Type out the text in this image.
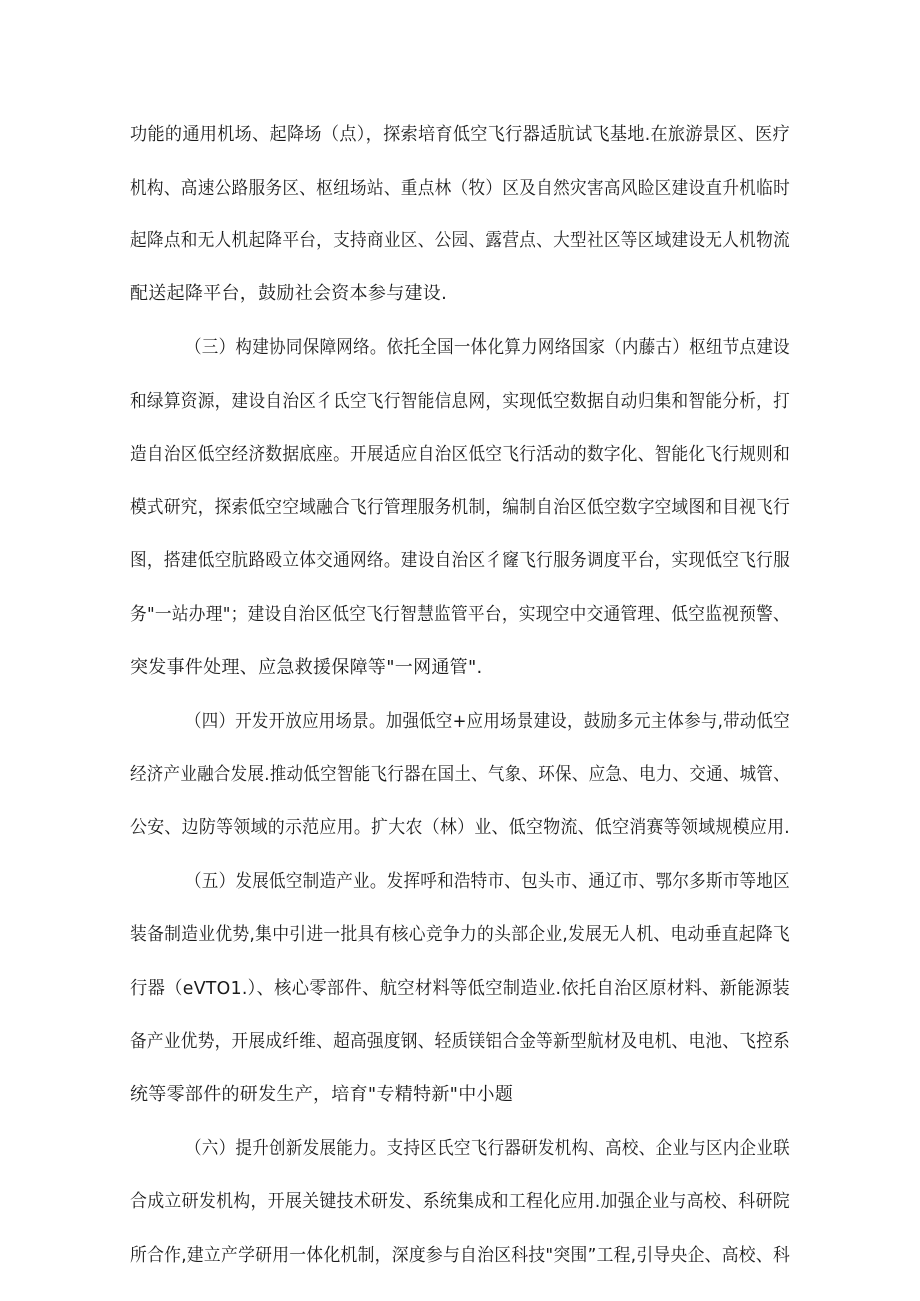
功能的通用机场、起降场（点），探索培育低空飞行器适肮试飞基地.在旅游景区、医疗
机构、高速公路服务区、枢纽场站、重点林（牧）区及自然灾害高风睑区建设直升机临时
起降点和无人机起降平台，支持商业区、公园、露营点、大型社区等区域建设无人机物流
配送起降平台，鼓励社会资本参与建设.
（三）构建协同保障网络。依托全国一体化算力网络国家（内藤古）枢纽节点建设
和绿算资源，建设自治区彳氐空飞行智能信息网，实现低空数据自动归集和智能分析，打
造自治区低空经济数据底座。开展适应自治区低空飞行活动的数字化、智能化飞行规则和
模式研究，探索低空空域融合飞行管理服务机制，编制自治区低空数字空域图和目视飞行
图，搭建低空肮路殴立体交通网络。建设自治区彳窿飞行服务调度平台，实现低空飞行服
务"一站办理"；建设自治区低空飞行智慧监管平台，实现空中交通管理、低空监视预警、
突发事件处理、应急救援保障等"一网通管".
（四）开发开放应用场景。加强低空+应用场景建设，鼓励多元主体参与,带动低空
经济产业融合发展.推动低空智能飞行器在国土、气象、环保、应急、电力、交通、城管、
公安、边防等领域的示范应用。扩大农（林）业、低空物流、低空消赛等领域规模应用.
（五）发展低空制造产业。发挥呼和浩特市、包头市、通辽市、鄂尔多斯市等地区
装备制造业优势,集中引进一批具有核心竞争力的头部企业,发展无人机、电动垂直起降飞
行器（eVTO1.）、核心零部件、航空材料等低空制造业.依托自治区原材料、新能源装
备产业优势，开展成纤维、超高强度钢、轻质镁铝合金等新型航材及电机、电池、飞控系
统等零部件的研发生产，培育"专精特新"中小题
（六）提升创新发展能力。支持区氏空飞行器研发机构、高校、企业与区内企业联
合成立研发机构，开展关键技术研发、系统集成和工程化应用.加强企业与高校、科研院
所合作,建立产学研用一体化机制，深度参与自治区科技"突围”工程,引导央企、高校、科
